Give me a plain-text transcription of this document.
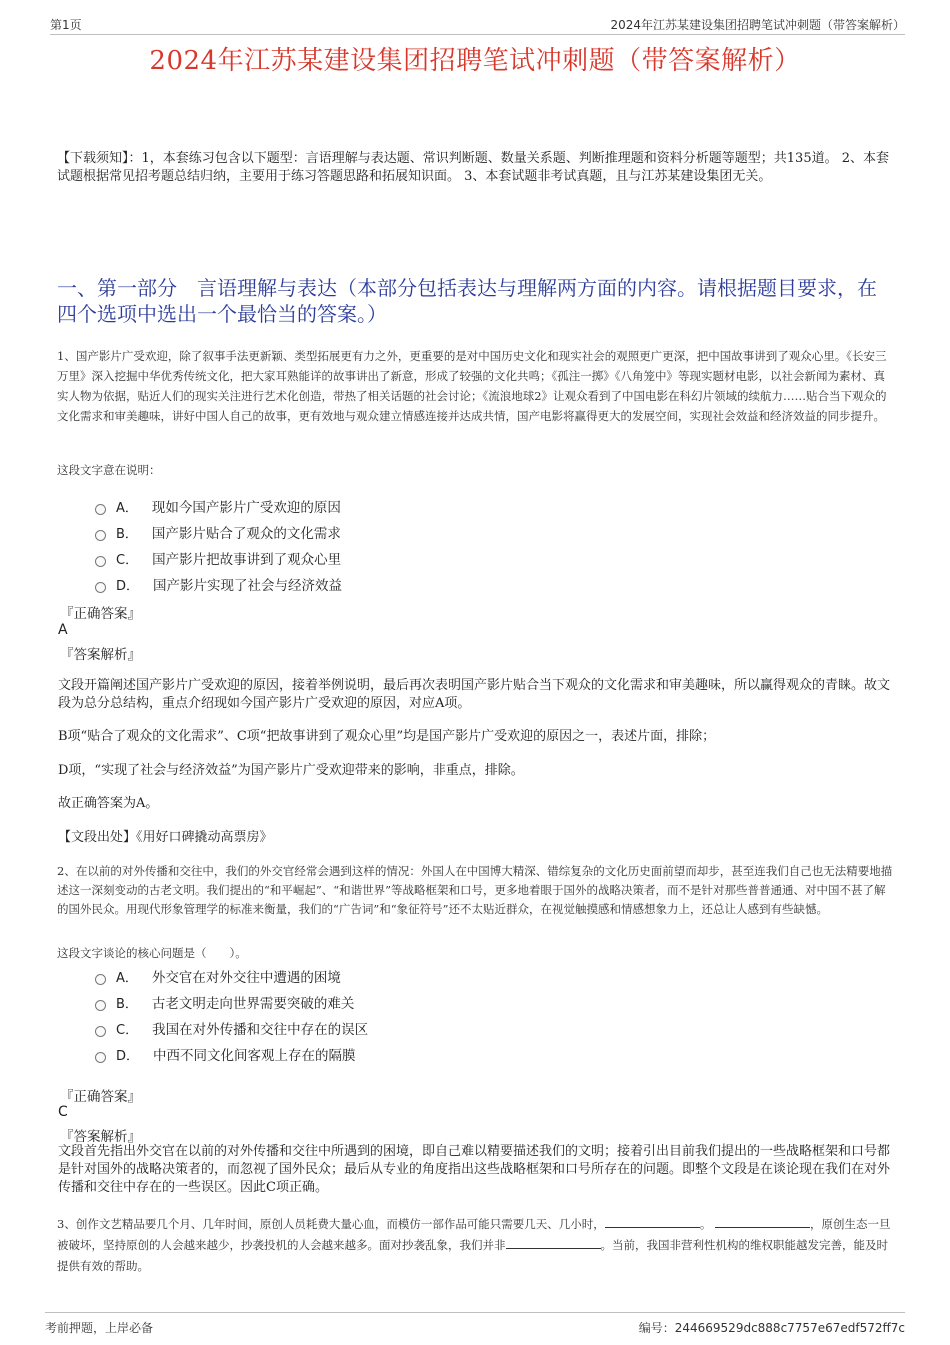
第1页	2024年江苏某建设集团招聘笔试冲刺题（带答案解析）
2024年江苏某建设集团招聘笔试冲刺题（带答案解析）
【下载须知】：1，本套练习包含以下题型：言语理解与表达题、常识判断题、数量关系题、判断推理题和资料分析题等题型；共135道。 2、本套试题根据常见招考题总结归纳，主要用于练习答题思路和拓展知识面。 3、本套试题非考试真题，且与江苏某建设集团无关。
一、第一部分　言语理解与表达（本部分包括表达与理解两方面的内容。请根据题目要求，在四个选项中选出一个最恰当的答案。）
1、国产影片广受欢迎，除了叙事手法更新颖、类型拓展更有力之外，更重要的是对中国历史文化和现实社会的观照更广更深，把中国故事讲到了观众心里。《长安三万里》深入挖掘中华优秀传统文化，把大家耳熟能详的故事讲出了新意，形成了较强的文化共鸣；《孤注一掷》《八角笼中》等现实题材电影，以社会新闻为素材、真实人物为依据，贴近人们的现实关注进行艺术化创造，带热了相关话题的社会讨论；《流浪地球2》让观众看到了中国电影在科幻片领域的续航力……贴合当下观众的文化需求和审美趣味，讲好中国人自己的故事，更有效地与观众建立情感连接并达成共情，国产电影将赢得更大的发展空间，实现社会效益和经济效益的同步提升。
这段文字意在说明：
A． 现如今国产影片广受欢迎的原因
B． 国产影片贴合了观众的文化需求
C． 国产影片把故事讲到了观众心里
D． 国产影片实现了社会与经济效益
『正确答案』
A
『答案解析』
文段开篇阐述国产影片广受欢迎的原因，接着举例说明，最后再次表明国产影片贴合当下观众的文化需求和审美趣味，所以赢得观众的青睐。故文段为总分总结构，重点介绍现如今国产影片广受欢迎的原因，对应A项。
B项“贴合了观众的文化需求”、C项“把故事讲到了观众心里”均是国产影片广受欢迎的原因之一，表述片面，排除；
D项，“实现了社会与经济效益”为国产影片广受欢迎带来的影响，非重点，排除。
故正确答案为A。
【文段出处】《用好口碑撬动高票房》
2、在以前的对外传播和交往中，我们的外交官经常会遇到这样的情况：外国人在中国博大精深、错综复杂的文化历史面前望而却步，甚至连我们自己也无法精要地描述这一深刻变动的古老文明。我们提出的“和平崛起”、“和谐世界”等战略框架和口号，更多地着眼于国外的战略决策者，而不是针对那些普普通通、对中国不甚了解的国外民众。用现代形象管理学的标准来衡量，我们的“广告词”和“象征符号”还不太贴近群众，在视觉触摸感和情感想象力上，还总让人感到有些缺憾。
这段文字谈论的核心问题是（　　）。
A． 外交官在对外交往中遭遇的困境
B． 古老文明走向世界需要突破的难关
C． 我国在对外传播和交往中存在的误区
D． 中西不同文化间客观上存在的隔膜
『正确答案』
C
『答案解析』
文段首先指出外交官在以前的对外传播和交往中所遇到的困境，即自己难以精要描述我们的文明；接着引出目前我们提出的一些战略框架和口号都是针对国外的战略决策者的，而忽视了国外民众；最后从专业的角度指出这些战略框架和口号所存在的问题。即整个文段是在谈论现在我们在对外传播和交往中存在的一些误区。因此C项正确。
3、创作文艺精品要几个月、几年时间，原创人员耗费大量心血，而模仿一部作品可能只需要几天、几小时，	。	，原创生态一旦被破坏，坚持原创的人会越来越少，抄袭投机的人会越来越多。面对抄袭乱象，我们并非	。当前，我国非营利性机构的维权职能越发完善，能及时提供有效的帮助。
考前押题，上岸必备	编号：244669529dc888c7757e67edf572ff7c
